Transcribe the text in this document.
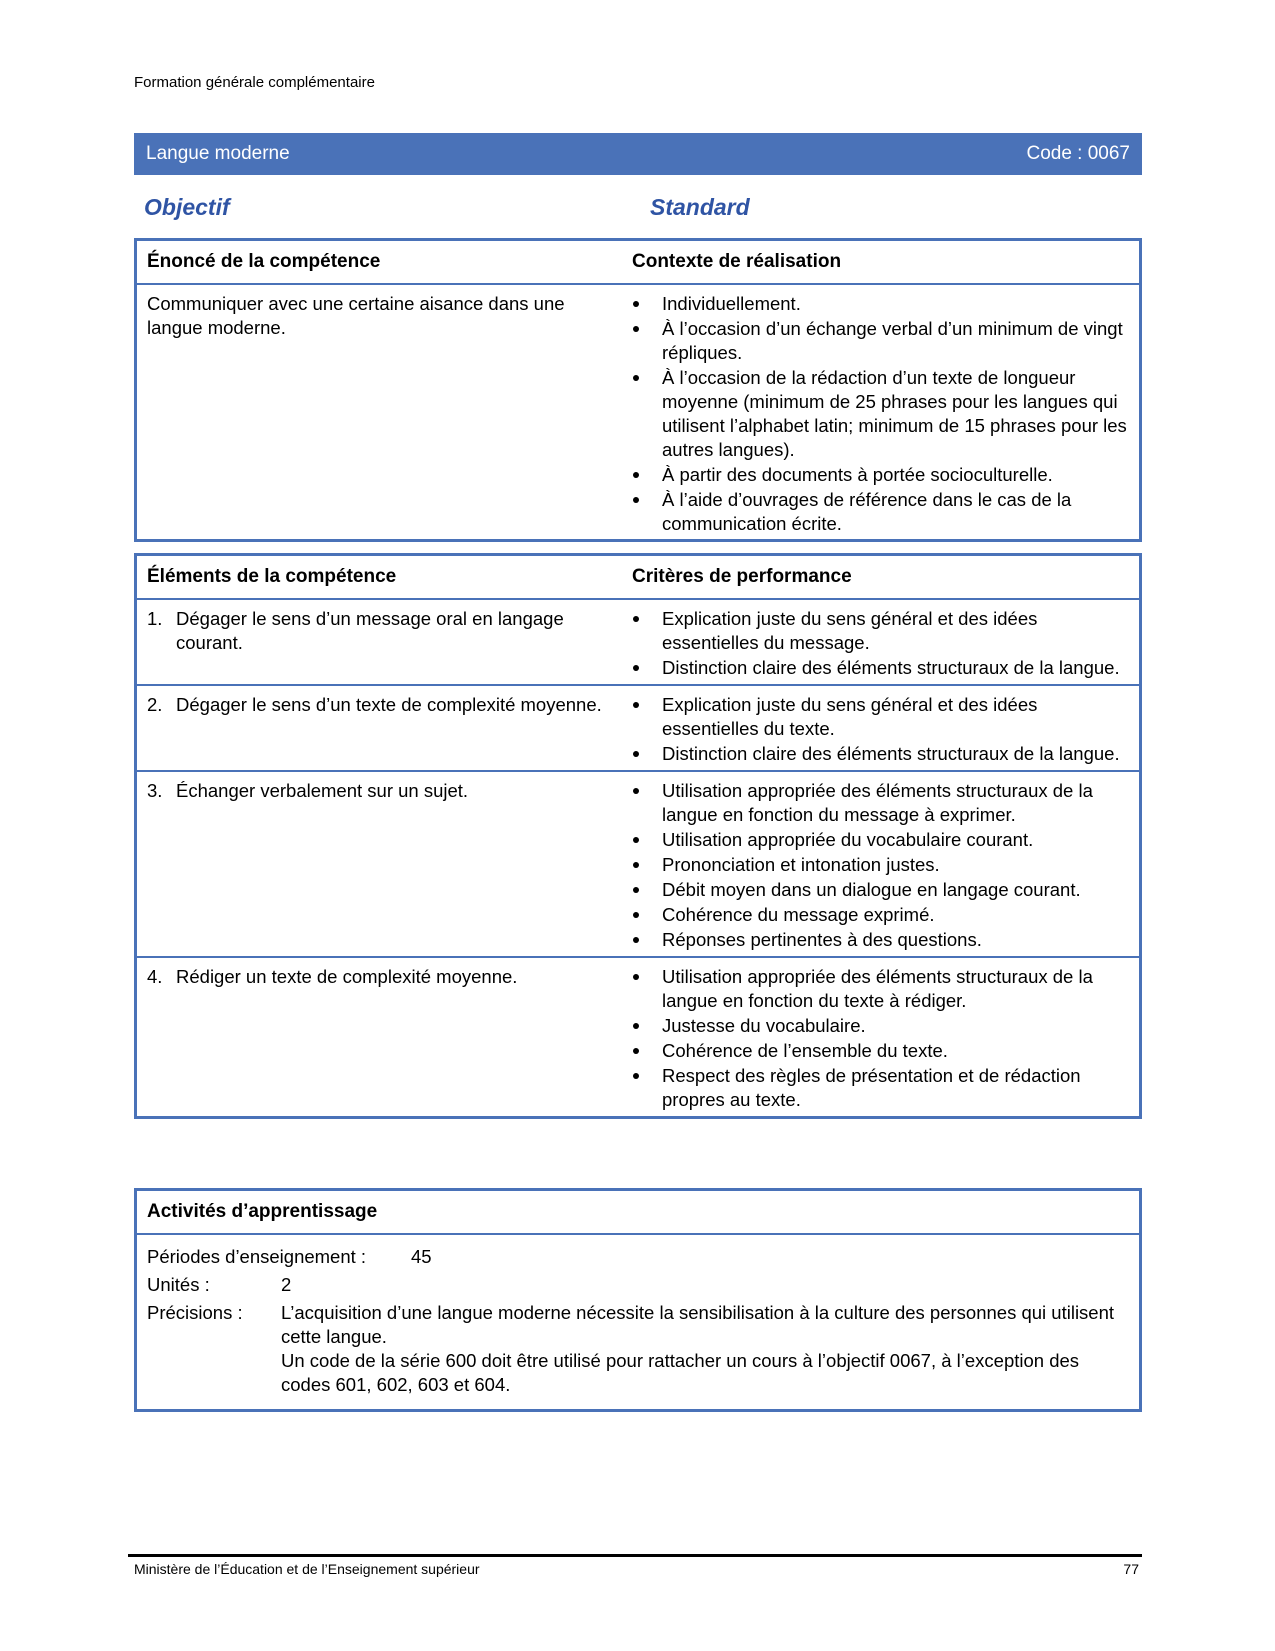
Formation générale complémentaire
Langue moderne	Code : 0067
Objectif	Standard
Énoncé de la compétence	Contexte de réalisation
Communiquer avec une certaine aisance dans une langue moderne.
Individuellement.
À l’occasion d’un échange verbal d’un minimum de vingt répliques.
À l’occasion de la rédaction d’un texte de longueur moyenne (minimum de 25 phrases pour les langues qui utilisent l’alphabet latin; minimum de 15 phrases pour les autres langues).
À partir des documents à portée socioculturelle.
À l’aide d’ouvrages de référence dans le cas de la communication écrite.
Éléments de la compétence	Critères de performance
1. Dégager le sens d’un message oral en langage courant.
Explication juste du sens général et des idées essentielles du message.
Distinction claire des éléments structuraux de la langue.
2. Dégager le sens d’un texte de complexité moyenne.	Explication juste du sens général et des idées essentielles du texte.
Distinction claire des éléments structuraux de la langue.
3. Échanger verbalement sur un sujet.	Utilisation appropriée des éléments structuraux de la langue en fonction du message à exprimer.
Utilisation appropriée du vocabulaire courant.
Prononciation et intonation justes.
Débit moyen dans un dialogue en langage courant.
Cohérence du message exprimé.
Réponses pertinentes à des questions.
4. Rédiger un texte de complexité moyenne.	Utilisation appropriée des éléments structuraux de la langue en fonction du texte à rédiger.
Justesse du vocabulaire.
Cohérence de l’ensemble du texte.
Respect des règles de présentation et de rédaction propres au texte.
Activités d’apprentissage
Périodes d’enseignement :	45
Unités :	2
Précisions :	L’acquisition d’une langue moderne nécessite la sensibilisation à la culture des personnes qui utilisent cette langue.
Un code de la série 600 doit être utilisé pour rattacher un cours à l’objectif 0067, à l’exception des codes 601, 602, 603 et 604.
Ministère de l’Éducation et de l’Enseignement supérieur	77
